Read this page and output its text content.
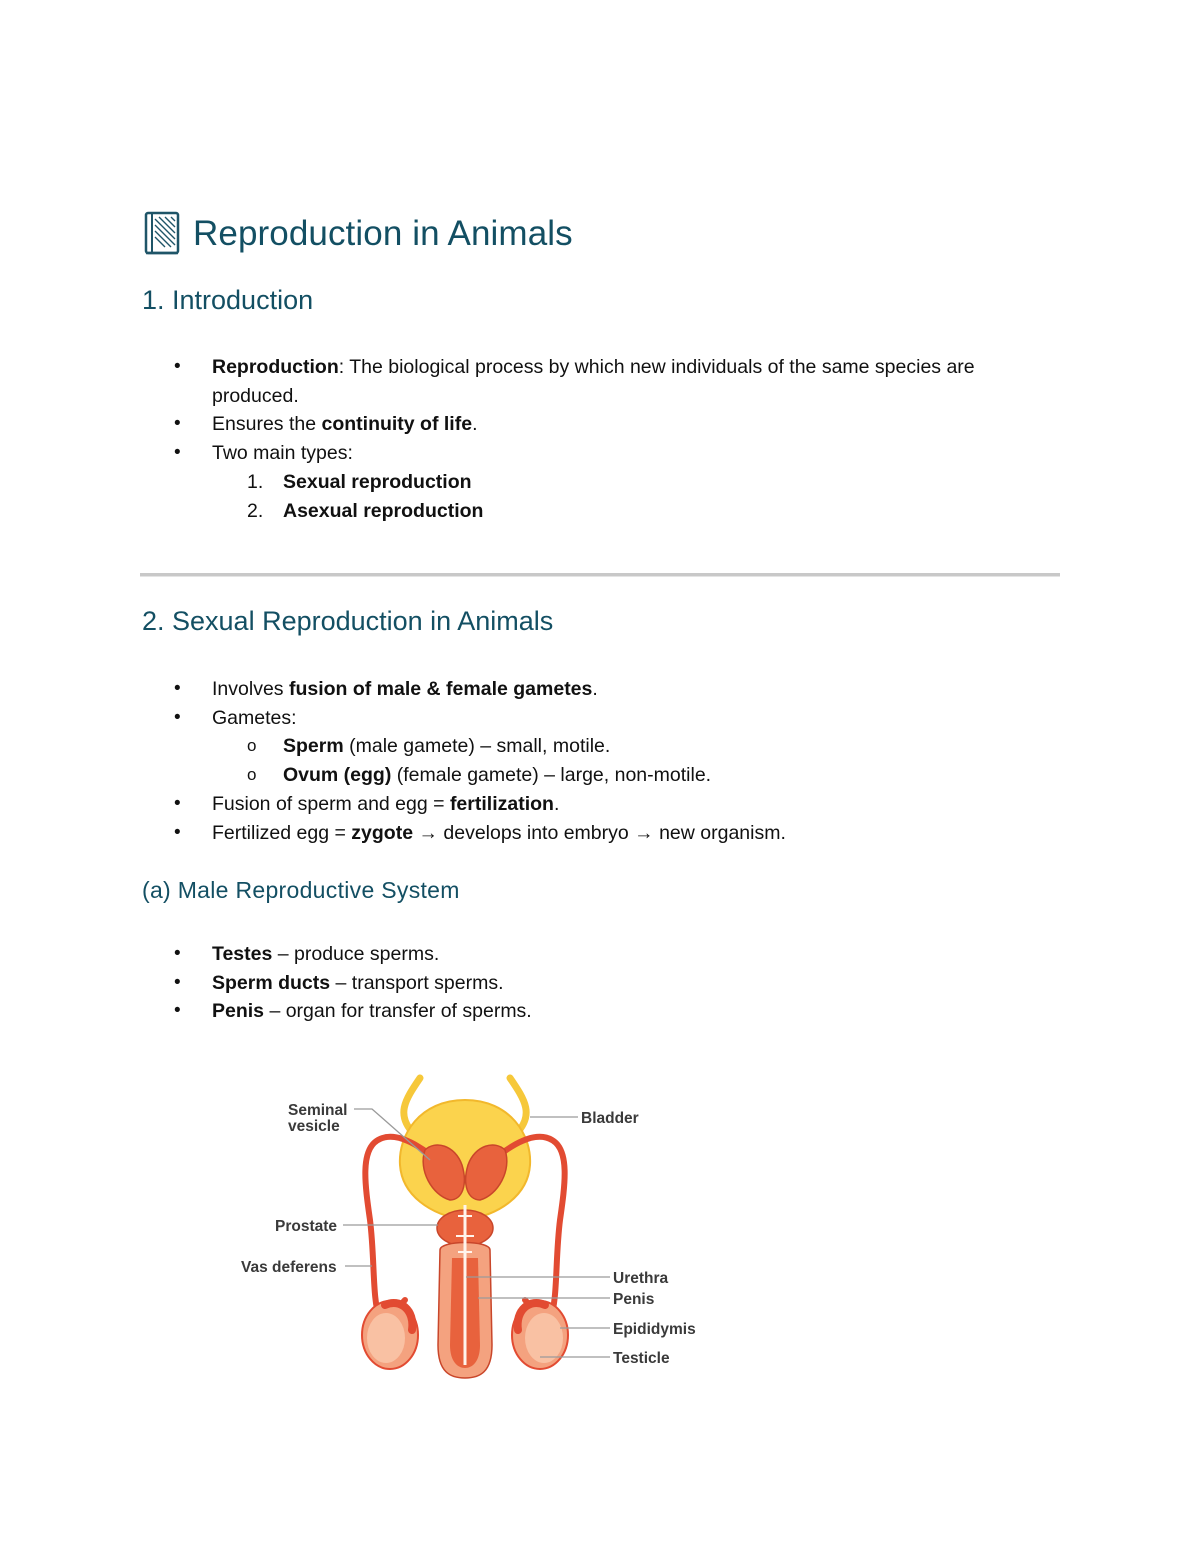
Reproduction in Animals
1. Introduction
• Reproduction: The biological process by which new individuals of the same species are produced.
• Ensures the continuity of life.
• Two main types:
1. Sexual reproduction
2. Asexual reproduction
2. Sexual Reproduction in Animals
• Involves fusion of male & female gametes.
• Gametes:
o Sperm (male gamete) – small, motile.
o Ovum (egg) (female gamete) – large, non-motile.
• Fusion of sperm and egg = fertilization.
• Fertilized egg = zygote → develops into embryo → new organism.
(a) Male Reproductive System
• Testes – produce sperms.
• Sperm ducts – transport sperms.
• Penis – organ for transfer of sperms.
Seminal
vesicle	Bladder
Prostate
Vas deferens
Urethra
Penis
Epididymis
Testicle
